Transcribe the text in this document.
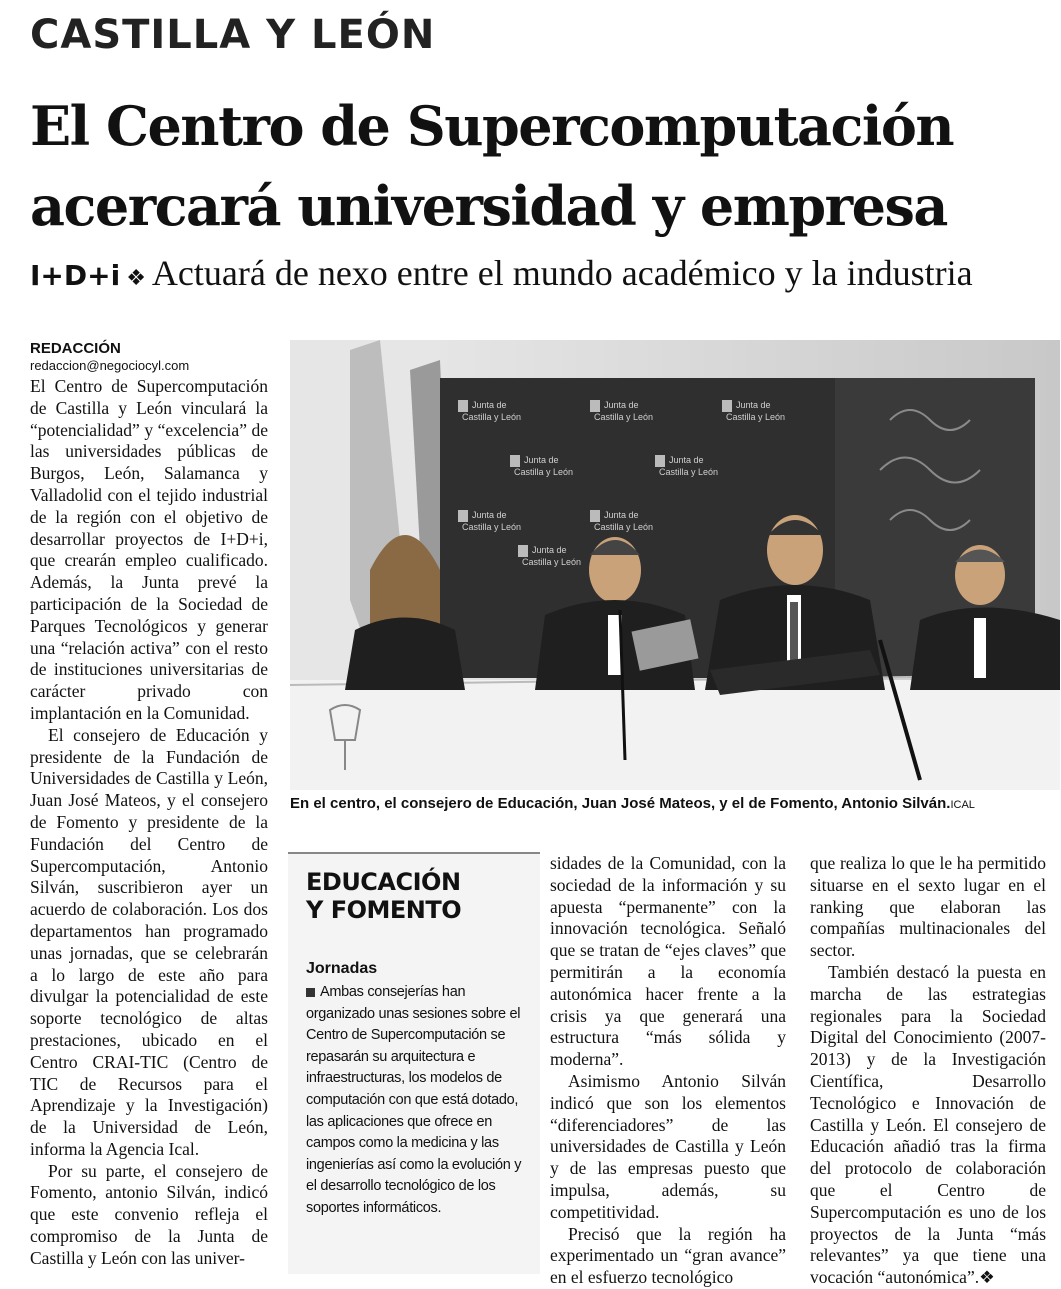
CASTILLA Y LEÓN
El Centro de Supercomputación
acercará universidad y empresa
I+D+i ❖ Actuará de nexo entre el mundo académico y la industria
REDACCIÓN
redaccion@negociocyl.com

El Centro de Supercomputación de Castilla y León vinculará la “potencialidad” y “excelencia” de las universidades públicas de Burgos, León, Salamanca y Valladolid con el tejido industrial de la región con el objetivo de desarrollar proyectos de I+D+i, que crearán empleo cualificado. Además, la Junta prevé la participación de la Sociedad de Parques Tecnológicos y generar una “relación activa” con el resto de instituciones universitarias de carácter privado con implantación en la Comunidad.

El consejero de Educación y presidente de la Fundación de Universidades de Castilla y León, Juan José Mateos, y el consejero de Fomento y presidente de la Fundación del Centro de Supercomputación, Antonio Silván, suscribieron ayer un acuerdo de colaboración. Los dos departamentos han programado unas jornadas, que se celebrarán a lo largo de este año para divulgar la potencialidad de este soporte tecnológico de altas prestaciones, ubicado en el Centro CRAI-TIC (Centro de TIC de Recursos para el Aprendizaje y la Investigación) de la Universidad de León, informa la Agencia Ical.

Por su parte, el consejero de Fomento, antonio Silván, indicó que este convenio refleja el compromiso de la Junta de Castilla y León con las univer-

Junta de
Castilla y León
Junta de
Castilla y León
Junta de
Castilla y León
Junta de
Castilla y León
Junta de
Castilla y León
Junta de
Castilla y León
Junta de
Castilla y León
Junta de
Castilla y León
En el centro, el consejero de Educación, Juan José Mateos, y el de Fomento, Antonio Silván.ICAL
EDUCACIÓN
Y FOMENTO
Jornadas

Ambas consejerías han organizado unas sesiones sobre el Centro de Supercomputación se repasarán su arquitectura e infraestructuras, los modelos de computación con que está dotado, las aplicaciones que ofrece en campos como la medicina y las ingenierías así como la evolución y el desarrollo tecnológico de los soportes informáticos.

sidades de la Comunidad, con la sociedad de la información y su apuesta “permanente” con la innovación tecnológica. Señaló que se tratan de “ejes claves” que permitirán a la economía autonómica hacer frente a la crisis ya que generará una estructura “más sólida y moderna”.

Asimismo Antonio Silván indicó que son los elementos “diferenciadores” de las universidades de Castilla y León y de las empresas puesto que impulsa, además, su competitividad.

Precisó que la región ha experimentado un “gran avance” en el esfuerzo tecnológico

que realiza lo que le ha permitido situarse en el sexto lugar en el ranking que elaboran las compañías multinacionales del sector.

También destacó la puesta en marcha de las estrategias regionales para la Sociedad Digital del Conocimiento (2007-2013) y de la Investigación Científica, Desarrollo Tecnológico e Innovación de Castilla y León. El consejero de Educación añadió tras la firma del protocolo de colaboración que el Centro de Supercomputación es uno de los proyectos de la Junta “más relevantes” ya que tiene una vocación “autonómica”.❖
